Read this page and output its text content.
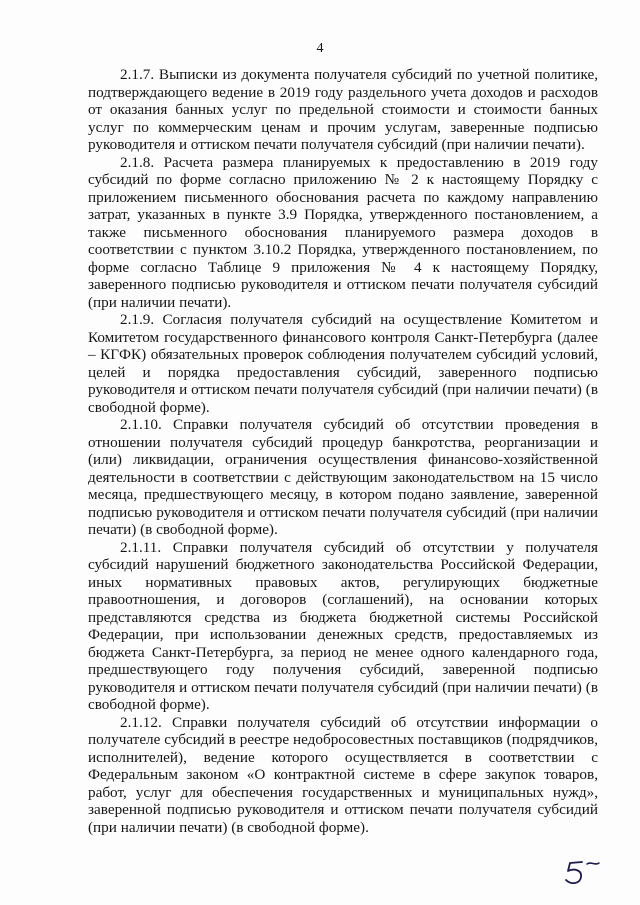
4

2.1.7. Выписки из документа получателя субсидий по учетной политике, подтверждающего ведение в 2019 году раздельного учета доходов и расходов от оказания банных услуг по предельной стоимости и стоимости банных услуг по коммерческим ценам и прочим услугам, заверенные подписью руководителя и оттиском печати получателя субсидий (при наличии печати).

2.1.8. Расчета размера планируемых к предоставлению в 2019 году субсидий по форме согласно приложению № 2 к настоящему Порядку с приложением письменного обоснования расчета по каждому направлению затрат, указанных в пункте 3.9 Порядка, утвержденного постановлением, а также письменного обоснования планируемого размера доходов в соответствии с пунктом 3.10.2 Порядка, утвержденного постановлением, по форме согласно Таблице 9 приложения № 4 к настоящему Порядку, заверенного подписью руководителя и оттиском печати получателя субсидий (при наличии печати).

2.1.9. Согласия получателя субсидий на осуществление Комитетом и Комитетом государственного финансового контроля Санкт-Петербурга (далее – КГФК) обязательных проверок соблюдения получателем субсидий условий, целей и порядка предоставления субсидий, заверенного подписью руководителя и оттиском печати получателя субсидий (при наличии печати) (в свободной форме).

2.1.10. Справки получателя субсидий об отсутствии проведения в отношении получателя субсидий процедур банкротства, реорганизации и (или) ликвидации, ограничения осуществления финансово-хозяйственной деятельности в соответствии с действующим законодательством на 15 число месяца, предшествующего месяцу, в котором подано заявление, заверенной подписью руководителя и оттиском печати получателя субсидий (при наличии печати) (в свободной форме).

2.1.11. Справки получателя субсидий об отсутствии у получателя субсидий нарушений бюджетного законодательства Российской Федерации, иных нормативных правовых актов, регулирующих бюджетные правоотношения, и договоров (соглашений), на основании которых представляются средства из бюджета бюджетной системы Российской Федерации, при использовании денежных средств, предоставляемых из бюджета Санкт-Петербурга, за период не менее одного календарного года, предшествующего году получения субсидий, заверенной подписью руководителя и оттиском печати получателя субсидий (при наличии печати) (в свободной форме).

2.1.12. Справки получателя субсидий об отсутствии информации о получателе субсидий в реестре недобросовестных поставщиков (подрядчиков, исполнителей), ведение которого осуществляется в соответствии с Федеральным законом «О контрактной системе в сфере закупок товаров, работ, услуг для обеспечения государственных и муниципальных нужд», заверенной подписью руководителя и оттиском печати получателя субсидий (при наличии печати) (в свободной форме).
